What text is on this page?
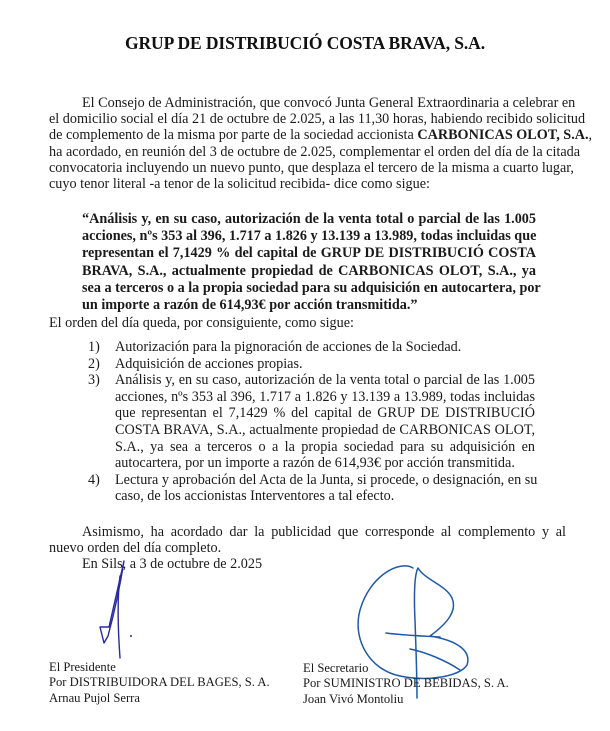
GRUP DE DISTRIBUCIÓ COSTA BRAVA, S.A.
El Consejo de Administración, que convocó Junta General Extraordinaria a celebrar en
el domicilio social el día 21 de octubre de 2.025, a las 11,30 horas, habiendo recibido solicitud
de complemento de la misma por parte de la sociedad accionista CARBONICAS OLOT, S.A.,
ha acordado, en reunión del 3 de octubre de 2.025, complementar el orden del día de la citada
convocatoria incluyendo un nuevo punto, que desplaza el tercero de la misma a cuarto lugar,
cuyo tenor literal -a tenor de la solicitud recibida- dice como sigue:
“Análisis y, en su caso, autorización de la venta total o parcial de las 1.005
acciones, nºs 353 al 396, 1.717 a 1.826 y 13.139 a 13.989, todas incluidas que
representan el 7,1429 % del capital de GRUP DE DISTRIBUCIÓ COSTA
BRAVA, S.A., actualmente propiedad de CARBONICAS OLOT, S.A., ya
sea a terceros o a la propia sociedad para su adquisición en autocartera, por
un importe a razón de 614,93€ por acción transmitida.”
El orden del día queda, por consiguiente, como sigue:
1) Autorización para la pignoración de acciones de la Sociedad.
2) Adquisición de acciones propias.
3) Análisis y, en su caso, autorización de la venta total o parcial de las 1.005
acciones, nºs 353 al 396, 1.717 a 1.826 y 13.139 a 13.989, todas incluidas
que representan el 7,1429 % del capital de GRUP DE DISTRIBUCIÓ
COSTA BRAVA, S.A., actualmente propiedad de CARBONICAS OLOT,
S.A., ya sea a terceros o a la propia sociedad para su adquisición en
autocartera, por un importe a razón de 614,93€ por acción transmitida.
4) Lectura y aprobación del Acta de la Junta, si procede, o designación, en su
caso, de los accionistas Interventores a tal efecto.
Asimismo, ha acordado dar la publicidad que corresponde al complemento y al
nuevo orden del día completo.
En Sils, a 3 de octubre de 2.025
El Presidente
Por DISTRIBUIDORA DEL BAGES, S. A.
Arnau Pujol Serra
El Secretario
Por SUMINISTRO DE BEBIDAS, S. A.
Joan Vivó Montoliu
